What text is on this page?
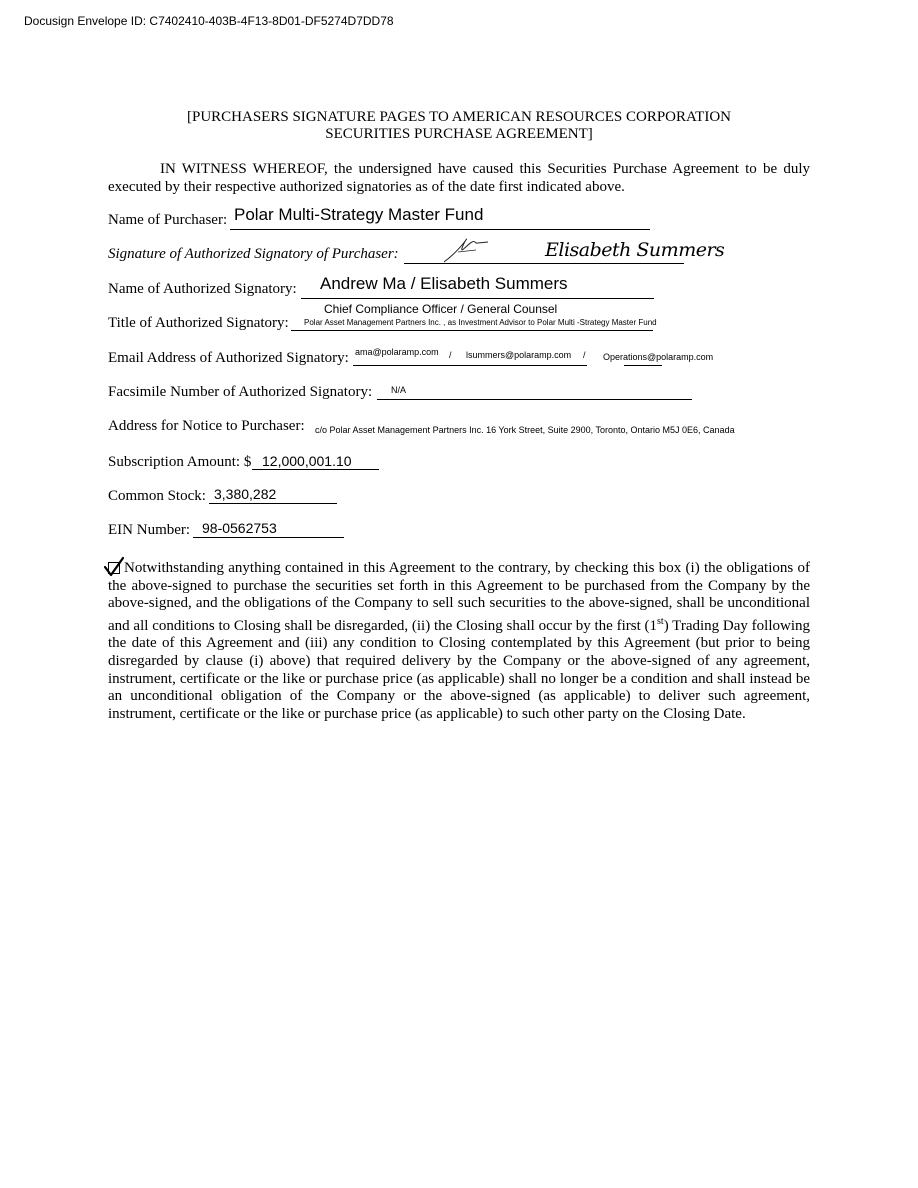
Docusign Envelope ID: C7402410-403B-4F13-8D01-DF5274D7DD78
[PURCHASERS SIGNATURE PAGES TO AMERICAN RESOURCES CORPORATION
SECURITIES PURCHASE AGREEMENT]
IN WITNESS WHEREOF, the undersigned have caused this Securities Purchase Agreement to be duly executed by their respective authorized signatories as of the date first indicated above.
Name of Purchaser: Polar Multi-Strategy Master Fund
Signature of Authorized Signatory of Purchaser:	Elisabeth Summers
Name of Authorized Signatory: Andrew Ma / Elisabeth Summers
Title of Authorized Signatory:
Chief Compliance Officer / General Counsel
Polar Asset Management Partners Inc. , as Investment Advisor to Polar Multi -Strategy Master Fund
Email Address of Authorized Signatory: ama@polaramp.com / lsummers@polaramp.com / Operations@polaramp.com
Facsimile Number of Authorized Signatory: N/A
Address for Notice to Purchaser: c/o Polar Asset Management Partners Inc. 16 York Street, Suite 2900, Toronto, Ontario M5J 0E6, Canada
Subscription Amount: $ 12,000,001.10
Common Stock: 3,380,282
EIN Number: 98-0562753
Notwithstanding anything contained in this Agreement to the contrary, by checking this box (i) the obligations of the above-signed to purchase the securities set forth in this Agreement to be purchased from the Company by the above-signed, and the obligations of the Company to sell such securities to the above-signed, shall be unconditional and all conditions to Closing shall be disregarded, (ii) the Closing shall occur by the first (1st) Trading Day following the date of this Agreement and (iii) any condition to Closing contemplated by this Agreement (but prior to being disregarded by clause (i) above) that required delivery by the Company or the above-signed of any agreement, instrument, certificate or the like or purchase price (as applicable) shall no longer be a condition and shall instead be an unconditional obligation of the Company or the above-signed (as applicable) to deliver such agreement, instrument, certificate or the like or purchase price (as applicable) to such other party on the Closing Date.
